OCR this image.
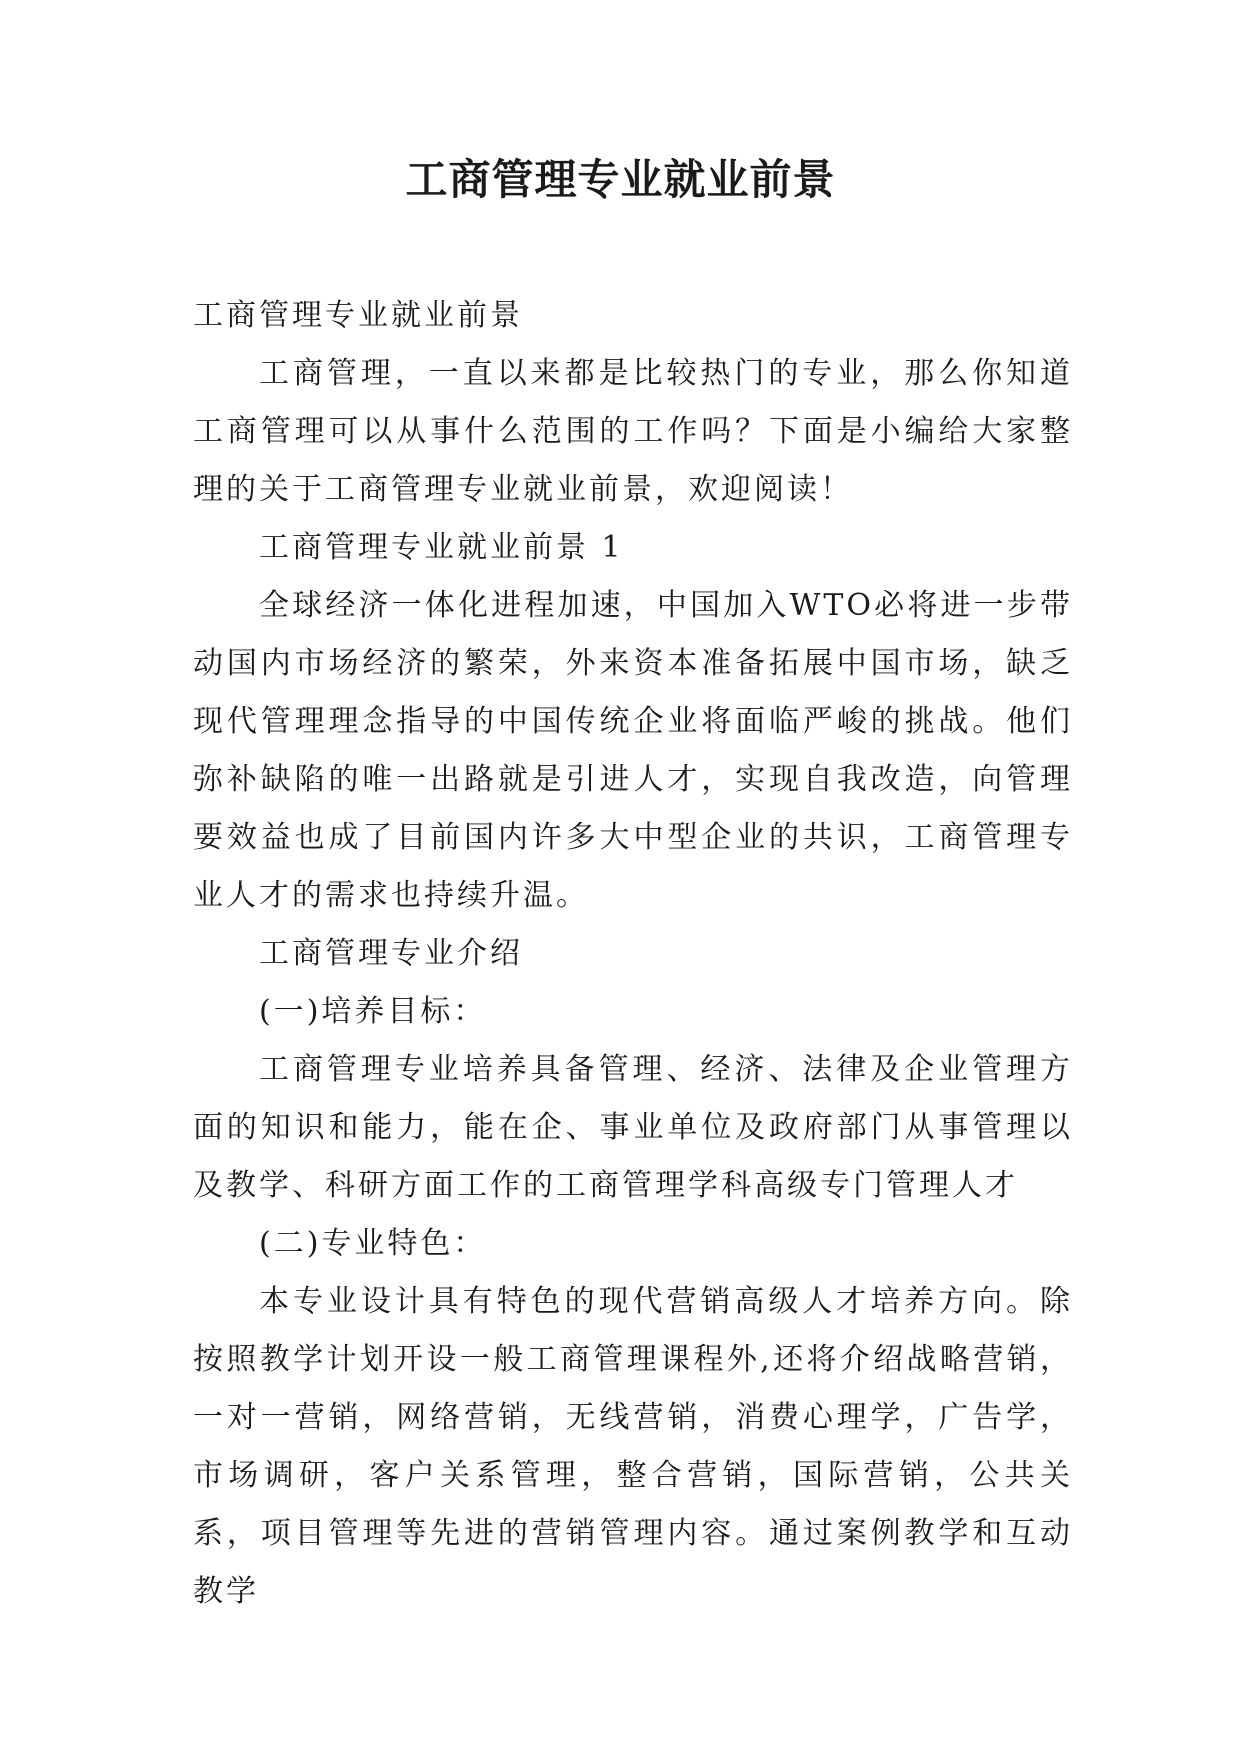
工商管理专业就业前景

工商管理专业就业前景

工商管理，一直以来都是比较热门的专业，那么你知道工商管理可以从事什么范围的工作吗？下面是小编给大家整理的关于工商管理专业就业前景，欢迎阅读！

工商管理专业就业前景 1

全球经济一体化进程加速，中国加入WTO必将进一步带动国内市场经济的繁荣，外来资本准备拓展中国市场，缺乏现代管理理念指导的中国传统企业将面临严峻的挑战。他们弥补缺陷的唯一出路就是引进人才，实现自我改造，向管理要效益也成了目前国内许多大中型企业的共识，工商管理专业人才的需求也持续升温。

工商管理专业介绍

(一)培养目标：

工商管理专业培养具备管理、经济、法律及企业管理方面的知识和能力，能在企、事业单位及政府部门从事管理以及教学、科研方面工作的工商管理学科高级专门管理人才

(二)专业特色：

本专业设计具有特色的现代营销高级人才培养方向。除按照教学计划开设一般工商管理课程外,还将介绍战略营销，一对一营销，网络营销，无线营销，消费心理学，广告学，市场调研，客户关系管理，整合营销，国际营销，公共关系，项目管理等先进的营销管理内容。通过案例教学和互动教学
